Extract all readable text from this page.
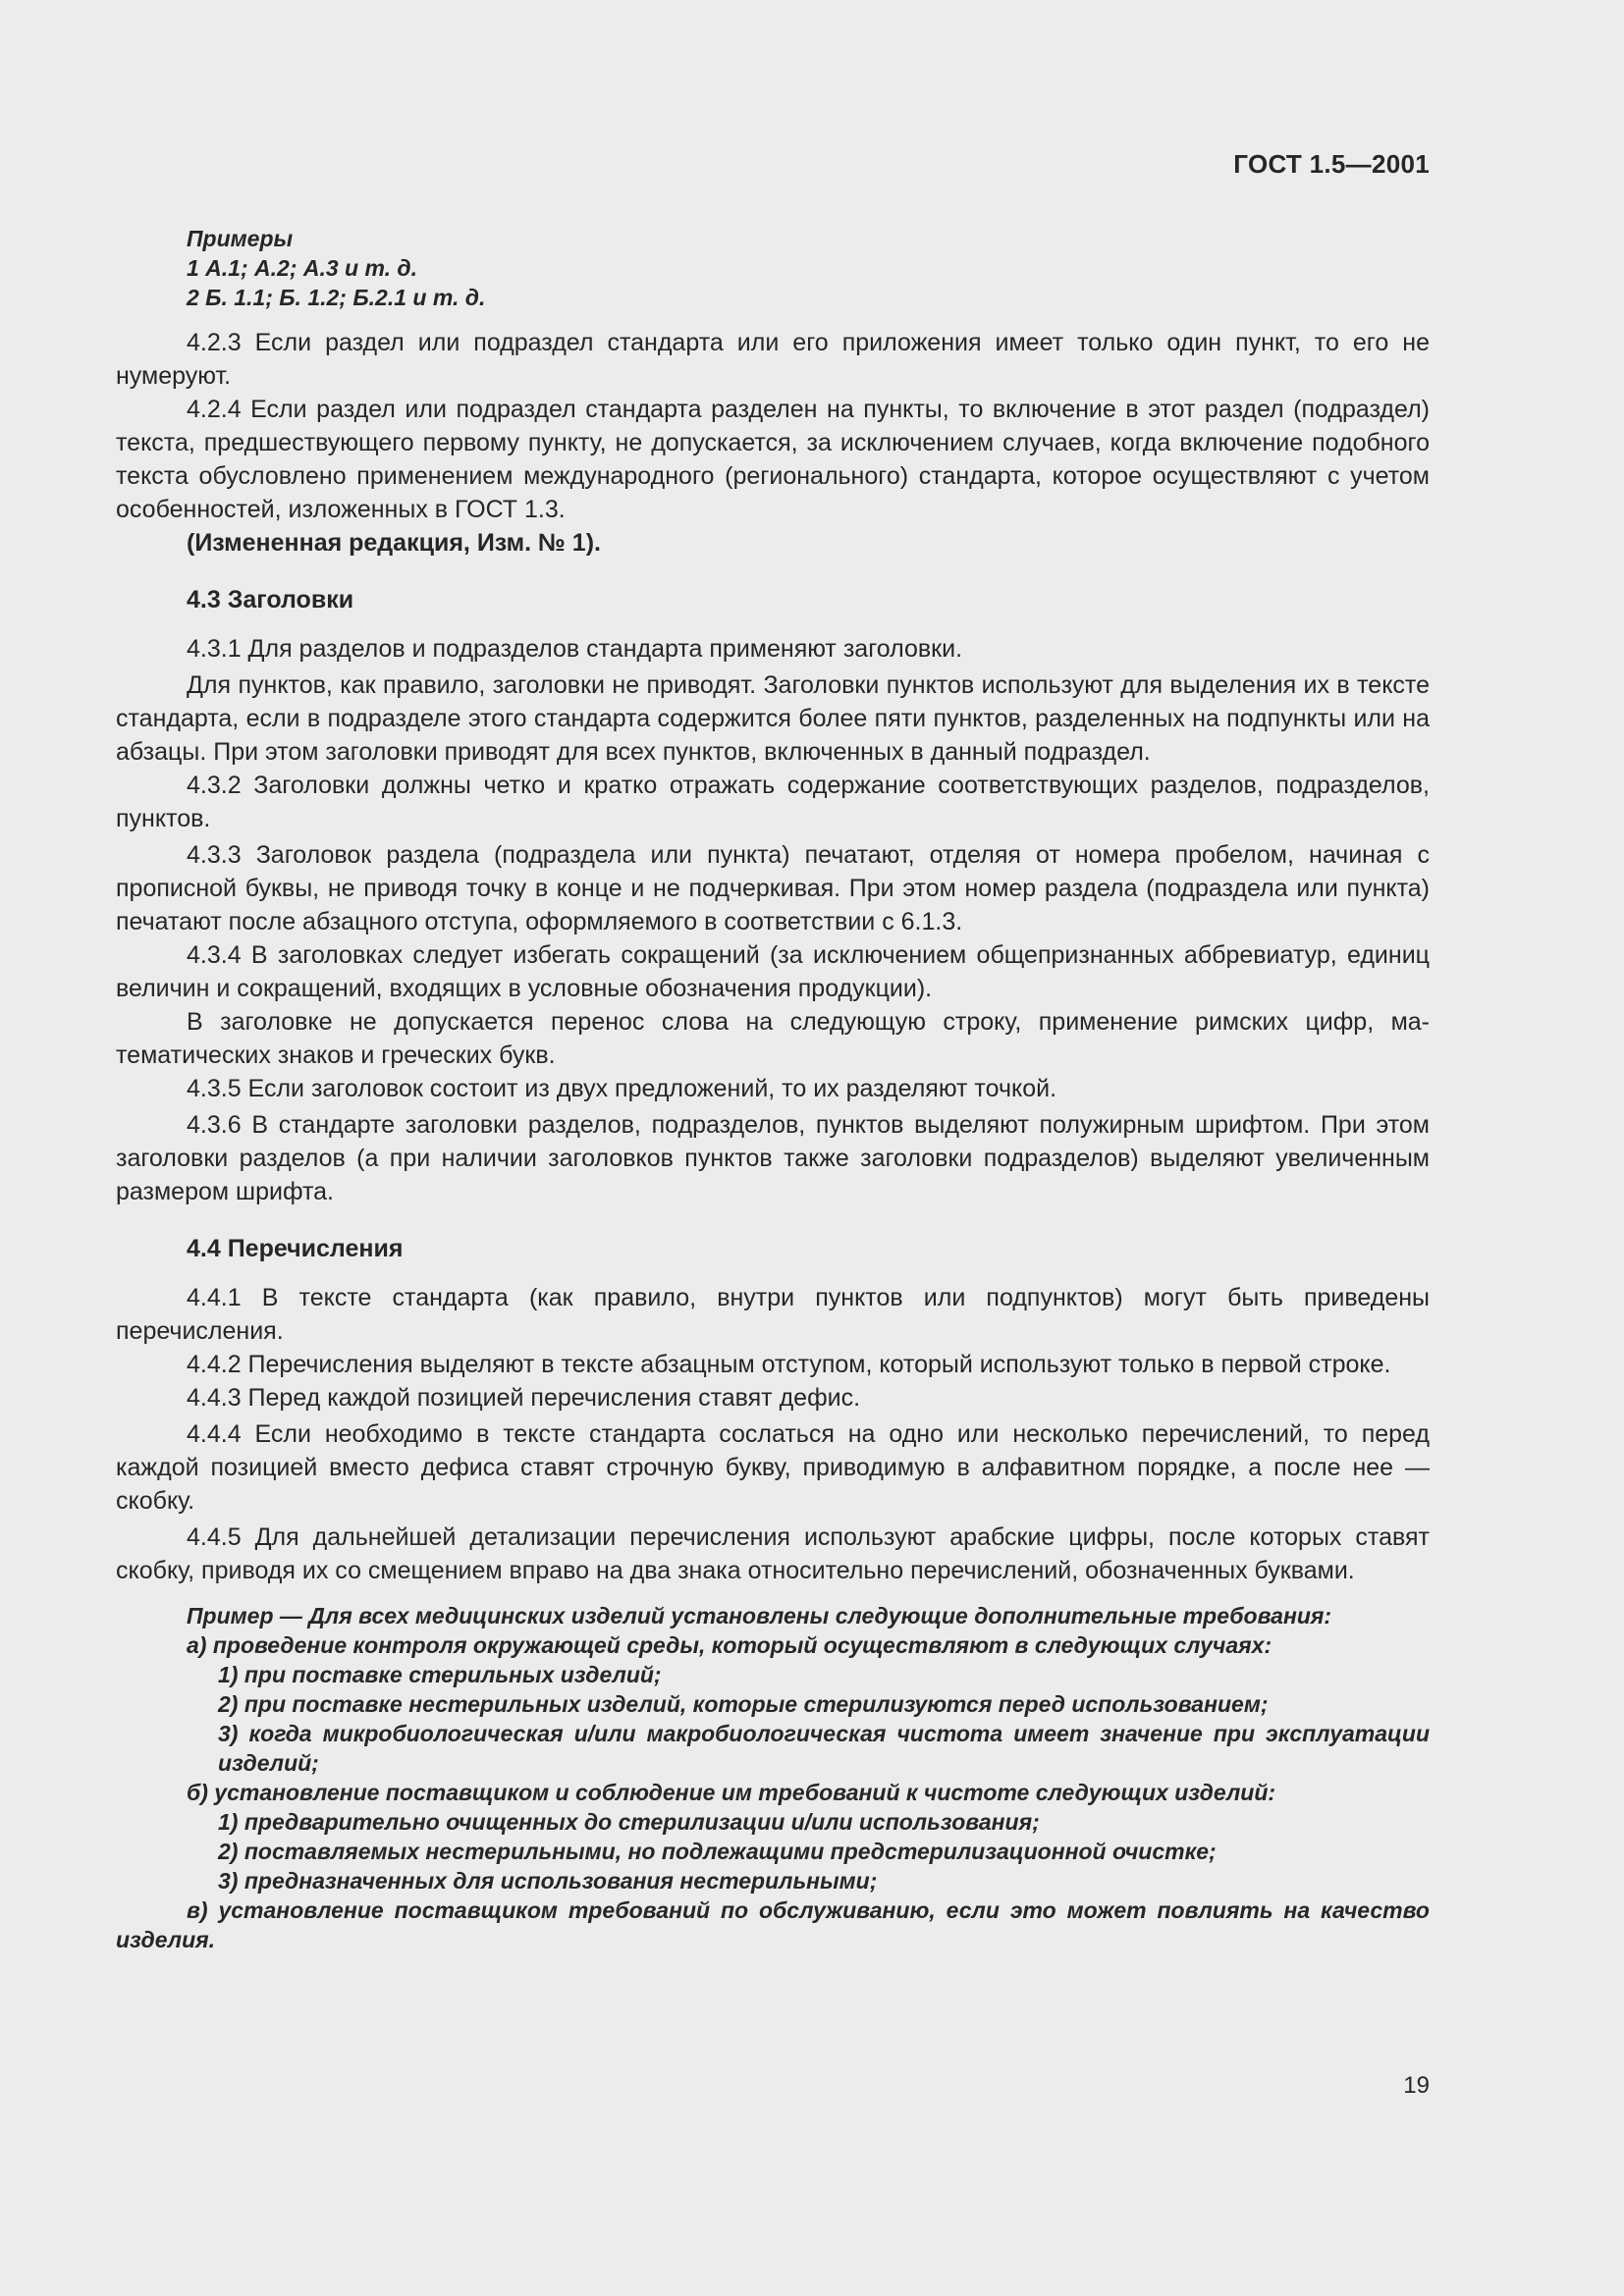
ГОСТ 1.5—2001
Примеры
1 А.1; А.2; А.3 и т. д.
2 Б. 1.1; Б. 1.2; Б.2.1 и т. д.

4.2.3 Если раздел или подраздел стандарта или его приложения имеет только один пункт, то его не нумеруют.

4.2.4 Если раздел или подраздел стандарта разделен на пункты, то включение в этот раздел (подраздел) текста, предшествующего первому пункту, не допускается, за исключением случаев, когда включение подобного текста обусловлено применением международного (регионального) стандарта, которое осуществляют с учетом особенностей, изложенных в ГОСТ 1.3.

(Измененная редакция, Изм. № 1).

4.3 Заголовки

4.3.1 Для разделов и подразделов стандарта применяют заголовки.

Для пунктов, как правило, заголовки не приводят. Заголовки пунктов используют для выделения их в тексте стандарта, если в подразделе этого стандарта содержится более пяти пунктов, разделенных на подпункты или на абзацы. При этом заголовки приводят для всех пунктов, включенных в данный подраздел.

4.3.2 Заголовки должны четко и кратко отражать содержание соответствующих разделов, подразделов, пунктов.

4.3.3 Заголовок раздела (подраздела или пункта) печатают, отделяя от номера пробелом, начиная с прописной буквы, не приводя точку в конце и не подчеркивая. При этом номер раздела (подраздела или пункта) печатают после абзацного отступа, оформляемого в соответствии с 6.1.3.

4.3.4 В заголовках следует избегать сокращений (за исключением общепризнанных аббревиатур, единиц величин и сокращений, входящих в условные обозначения продукции).

В заголовке не допускается перенос слова на следующую строку, применение римских цифр, математических знаков и греческих букв.

4.3.5 Если заголовок состоит из двух предложений, то их разделяют точкой.

4.3.6 В стандарте заголовки разделов, подразделов, пунктов выделяют полужирным шрифтом. При этом заголовки разделов (а при наличии заголовков пунктов также заголовки подразделов) выделяют увеличенным размером шрифта.

4.4 Перечисления

4.4.1 В тексте стандарта (как правило, внутри пунктов или подпунктов) могут быть приведены перечисления.

4.4.2 Перечисления выделяют в тексте абзацным отступом, который используют только в первой строке.

4.4.3 Перед каждой позицией перечисления ставят дефис.

4.4.4 Если необходимо в тексте стандарта сослаться на одно или несколько перечислений, то перед каждой позицией вместо дефиса ставят строчную букву, приводимую в алфавитном порядке, а после нее — скобку.

4.4.5 Для дальнейшей детализации перечисления используют арабские цифры, после которых ставят скобку, приводя их со смещением вправо на два знака относительно перечислений, обозначенных буквами.

Пример — Для всех медицинских изделий установлены следующие дополнительные требования:

а) проведение контроля окружающей среды, который осуществляют в следующих случаях:

1) при поставке стерильных изделий;

2) при поставке нестерильных изделий, которые стерилизуются перед использованием;

3) когда микробиологическая и/или макробиологическая чистота имеет значение при эксплуатации изделий;

б) установление поставщиком и соблюдение им требований к чистоте следующих изделий:

1) предварительно очищенных до стерилизации и/или использования;

2) поставляемых нестерильными, но подлежащими предстерилизационной очистке;

3) предназначенных для использования нестерильными;

в) установление поставщиком требований по обслуживанию, если это может повлиять на качество изделия.

19
